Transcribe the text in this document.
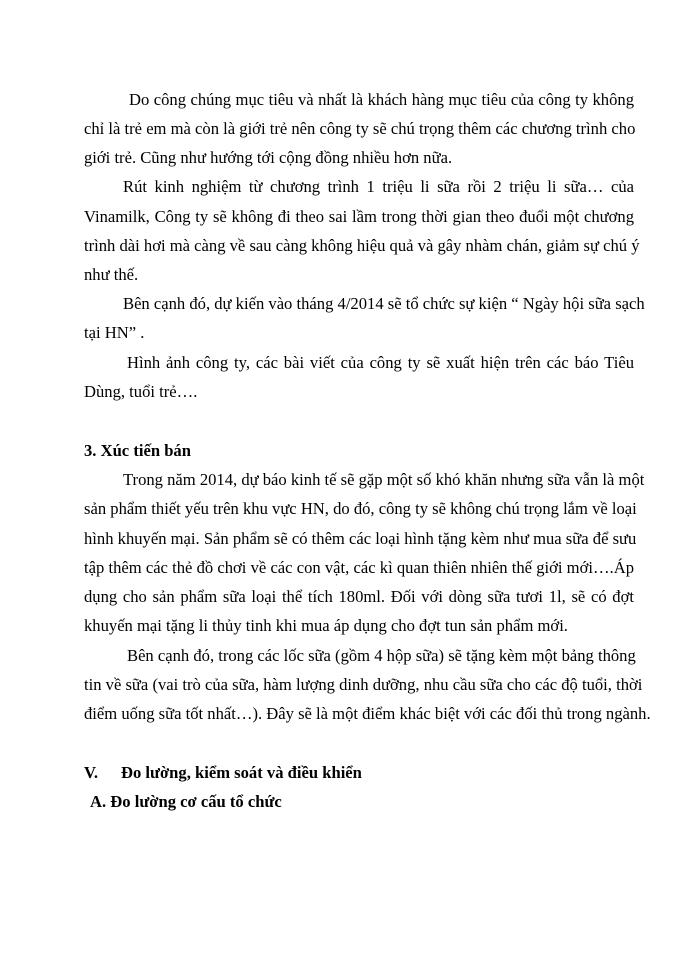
Do công chúng mục tiêu và nhất là khách hàng mục tiêu của công ty không
chỉ là trẻ em mà còn là giới trẻ nên công ty sẽ chú trọng thêm các chương trình cho
giới trẻ. Cũng như hướng tới cộng đồng nhiều hơn nữa.
Rút kinh nghiệm từ chương trình 1 triệu li sữa rồi 2 triệu li sữa… của
Vinamilk, Công ty sẽ không đi theo sai lầm trong thời gian theo đuổi một chương
trình dài hơi mà càng về sau càng không hiệu quả và gây nhàm chán, giảm sự chú ý
như thế.
Bên cạnh đó, dự kiến vào tháng 4/2014 sẽ tổ chức sự kiện “ Ngày hội sữa sạch
tại HN” .
Hình ảnh công ty, các bài viết của công ty sẽ xuất hiện trên các báo Tiêu
Dùng, tuổi trẻ….
3. Xúc tiến bán
Trong năm 2014, dự báo kinh tế sẽ gặp một số khó khăn nhưng sữa vẫn là một
sản phẩm thiết yếu trên khu vực HN, do đó, công ty sẽ không chú trọng lắm về loại
hình khuyến mại. Sản phẩm sẽ có thêm các loại hình tặng kèm như mua sữa để sưu
tập thêm các thẻ đồ chơi về các con vật, các kì quan thiên nhiên thế giới mới….Áp
dụng cho sản phẩm sữa loại thể tích 180ml. Đối với dòng sữa tươi 1l, sẽ có đợt
khuyến mại tặng li thủy tinh khi mua áp dụng cho đợt tun sản phẩm mới.
Bên cạnh đó, trong các lốc sữa (gồm 4 hộp sữa) sẽ tặng kèm một bảng thông
tin về sữa (vai trò của sữa, hàm lượng dinh dưỡng, nhu cầu sữa cho các độ tuổi, thời
điểm uống sữa tốt nhất…). Đây sẽ là một điểm khác biệt với các đối thủ trong ngành.
V. Đo lường, kiểm soát và điều khiển
A. Đo lường cơ cấu tổ chức
